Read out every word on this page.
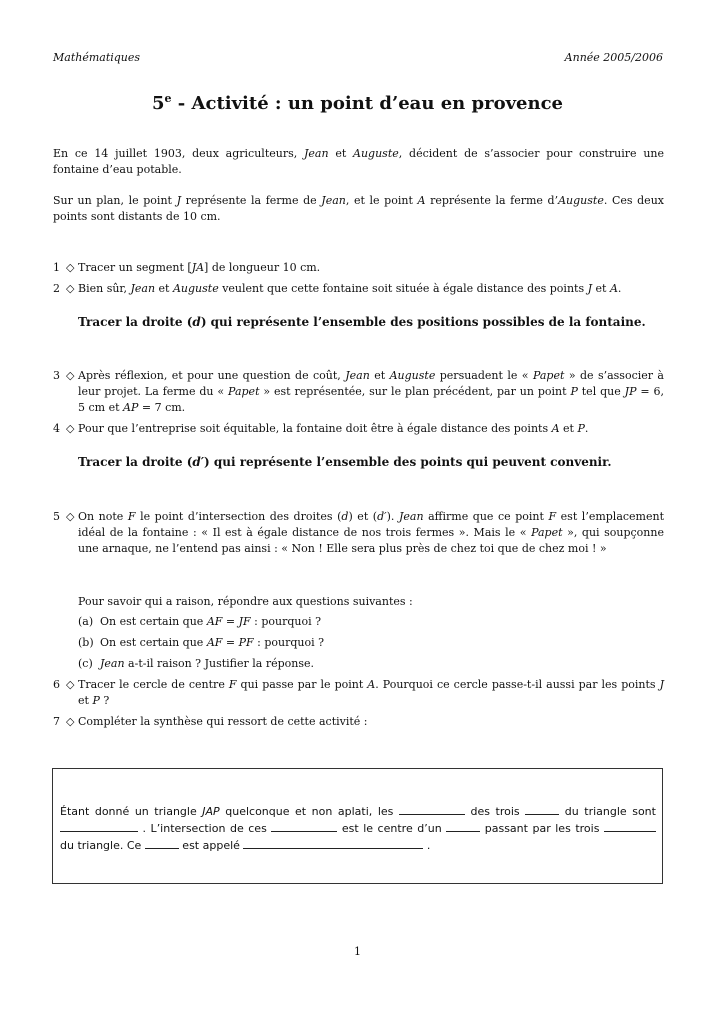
Mathématiques	Année 2005/2006
5e - Activité : un point d’eau en provence
En ce 14 juillet 1903, deux agriculteurs, Jean et Auguste, décident de s’associer pour construire une fontaine d’eau potable.
Sur un plan, le point J représente la ferme de Jean, et le point A représente la ferme d’Auguste. Ces deux points sont distants de 10 cm.
1 ◇ Tracer un segment [JA] de longueur 10 cm.
2 ◇ Bien sûr, Jean et Auguste veulent que cette fontaine soit située à égale distance des points J et A.
Tracer la droite (d) qui représente l’ensemble des positions possibles de la fontaine.
3 ◇ Après réflexion, et pour une question de coût, Jean et Auguste persuadent le « Papet » de s’associer à leur projet. La ferme du « Papet » est représentée, sur le plan précédent, par un point P tel que JP = 6, 5 cm et AP = 7 cm.
4 ◇ Pour que l’entreprise soit équitable, la fontaine doit être à égale distance des points A et P.
Tracer la droite (d′) qui représente l’ensemble des points qui peuvent convenir.
5 ◇ On note F le point d’intersection des droites (d) et (d′). Jean affirme que ce point F est l’emplacement idéal de la fontaine : « Il est à égale distance de nos trois fermes ». Mais le « Papet », qui soupçonne une arnaque, ne l’entend pas ainsi : « Non ! Elle sera plus près de chez toi que de chez moi ! »
Pour savoir qui a raison, répondre aux questions suivantes :
(a) On est certain que AF = JF : pourquoi ?
(b) On est certain que AF = PF : pourquoi ?
(c) Jean a-t-il raison ? Justifier la réponse.
6 ◇ Tracer le cercle de centre F qui passe par le point A. Pourquoi ce cercle passe-t-il aussi par les points J et P ?
7 ◇ Compléter la synthèse qui ressort de cette activité :
Étant donné un triangle JAP quelconque et non aplati, les	des trois	du triangle sont  . L’intersection de ces	est le centre d’un	passant par les trois  du triangle. Ce	est appelé	.
1
